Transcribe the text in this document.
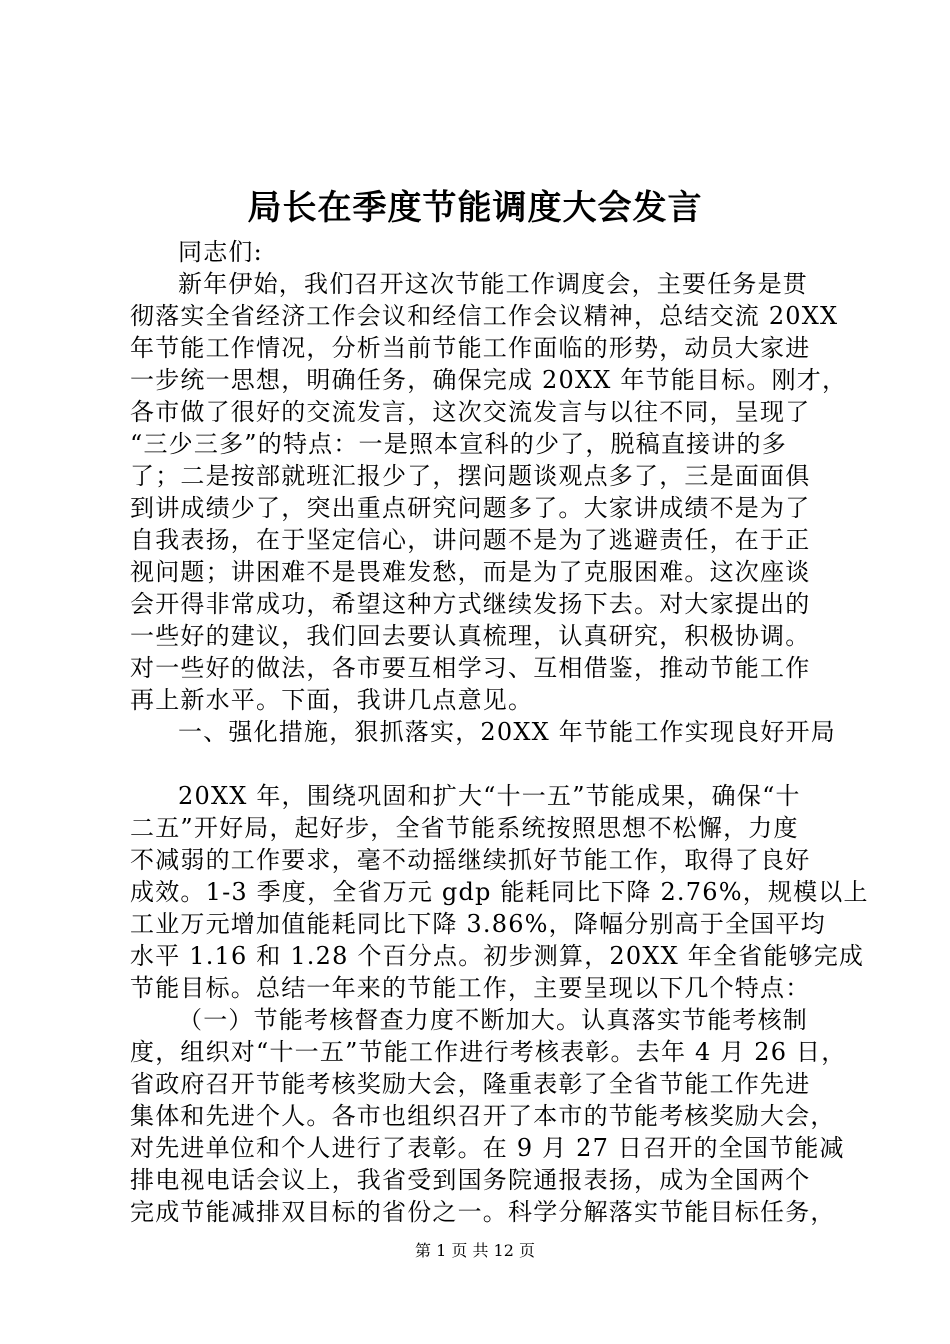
局长在季度节能调度大会发言
同志们:
新年伊始，我们召开这次节能工作调度会，主要任务是贯
彻落实全省经济工作会议和经信工作会议精神，总结交流 20XX
年节能工作情况，分析当前节能工作面临的形势，动员大家进
一步统一思想，明确任务，确保完成 20XX 年节能目标。刚才，
各市做了很好的交流发言，这次交流发言与以往不同，呈现了
“三少三多”的特点：一是照本宣科的少了，脱稿直接讲的多
了；二是按部就班汇报少了，摆问题谈观点多了，三是面面俱
到讲成绩少了，突出重点研究问题多了。大家讲成绩不是为了
自我表扬，在于坚定信心，讲问题不是为了逃避责任，在于正
视问题；讲困难不是畏难发愁，而是为了克服困难。这次座谈
会开得非常成功，希望这种方式继续发扬下去。对大家提出的
一些好的建议，我们回去要认真梳理，认真研究，积极协调。
对一些好的做法，各市要互相学习、互相借鉴，推动节能工作
再上新水平。下面，我讲几点意见。
一、强化措施，狠抓落实，20XX 年节能工作实现良好开局
20XX 年，围绕巩固和扩大“十一五”节能成果，确保“十
二五”开好局，起好步，全省节能系统按照思想不松懈，力度
不减弱的工作要求，毫不动摇继续抓好节能工作，取得了良好
成效。1-3 季度，全省万元 gdp 能耗同比下降 2.76%，规模以上
工业万元增加值能耗同比下降 3.86%，降幅分别高于全国平均
水平 1.16 和 1.28 个百分点。初步测算，20XX 年全省能够完成
节能目标。总结一年来的节能工作，主要呈现以下几个特点：
（一）节能考核督查力度不断加大。认真落实节能考核制
度，组织对“十一五”节能工作进行考核表彰。去年 4 月 26 日，
省政府召开节能考核奖励大会，隆重表彰了全省节能工作先进
集体和先进个人。各市也组织召开了本市的节能考核奖励大会，
对先进单位和个人进行了表彰。在 9 月 27 日召开的全国节能减
排电视电话会议上，我省受到国务院通报表扬，成为全国两个
完成节能减排双目标的省份之一。科学分解落实节能目标任务，
第 1 页 共 12 页
